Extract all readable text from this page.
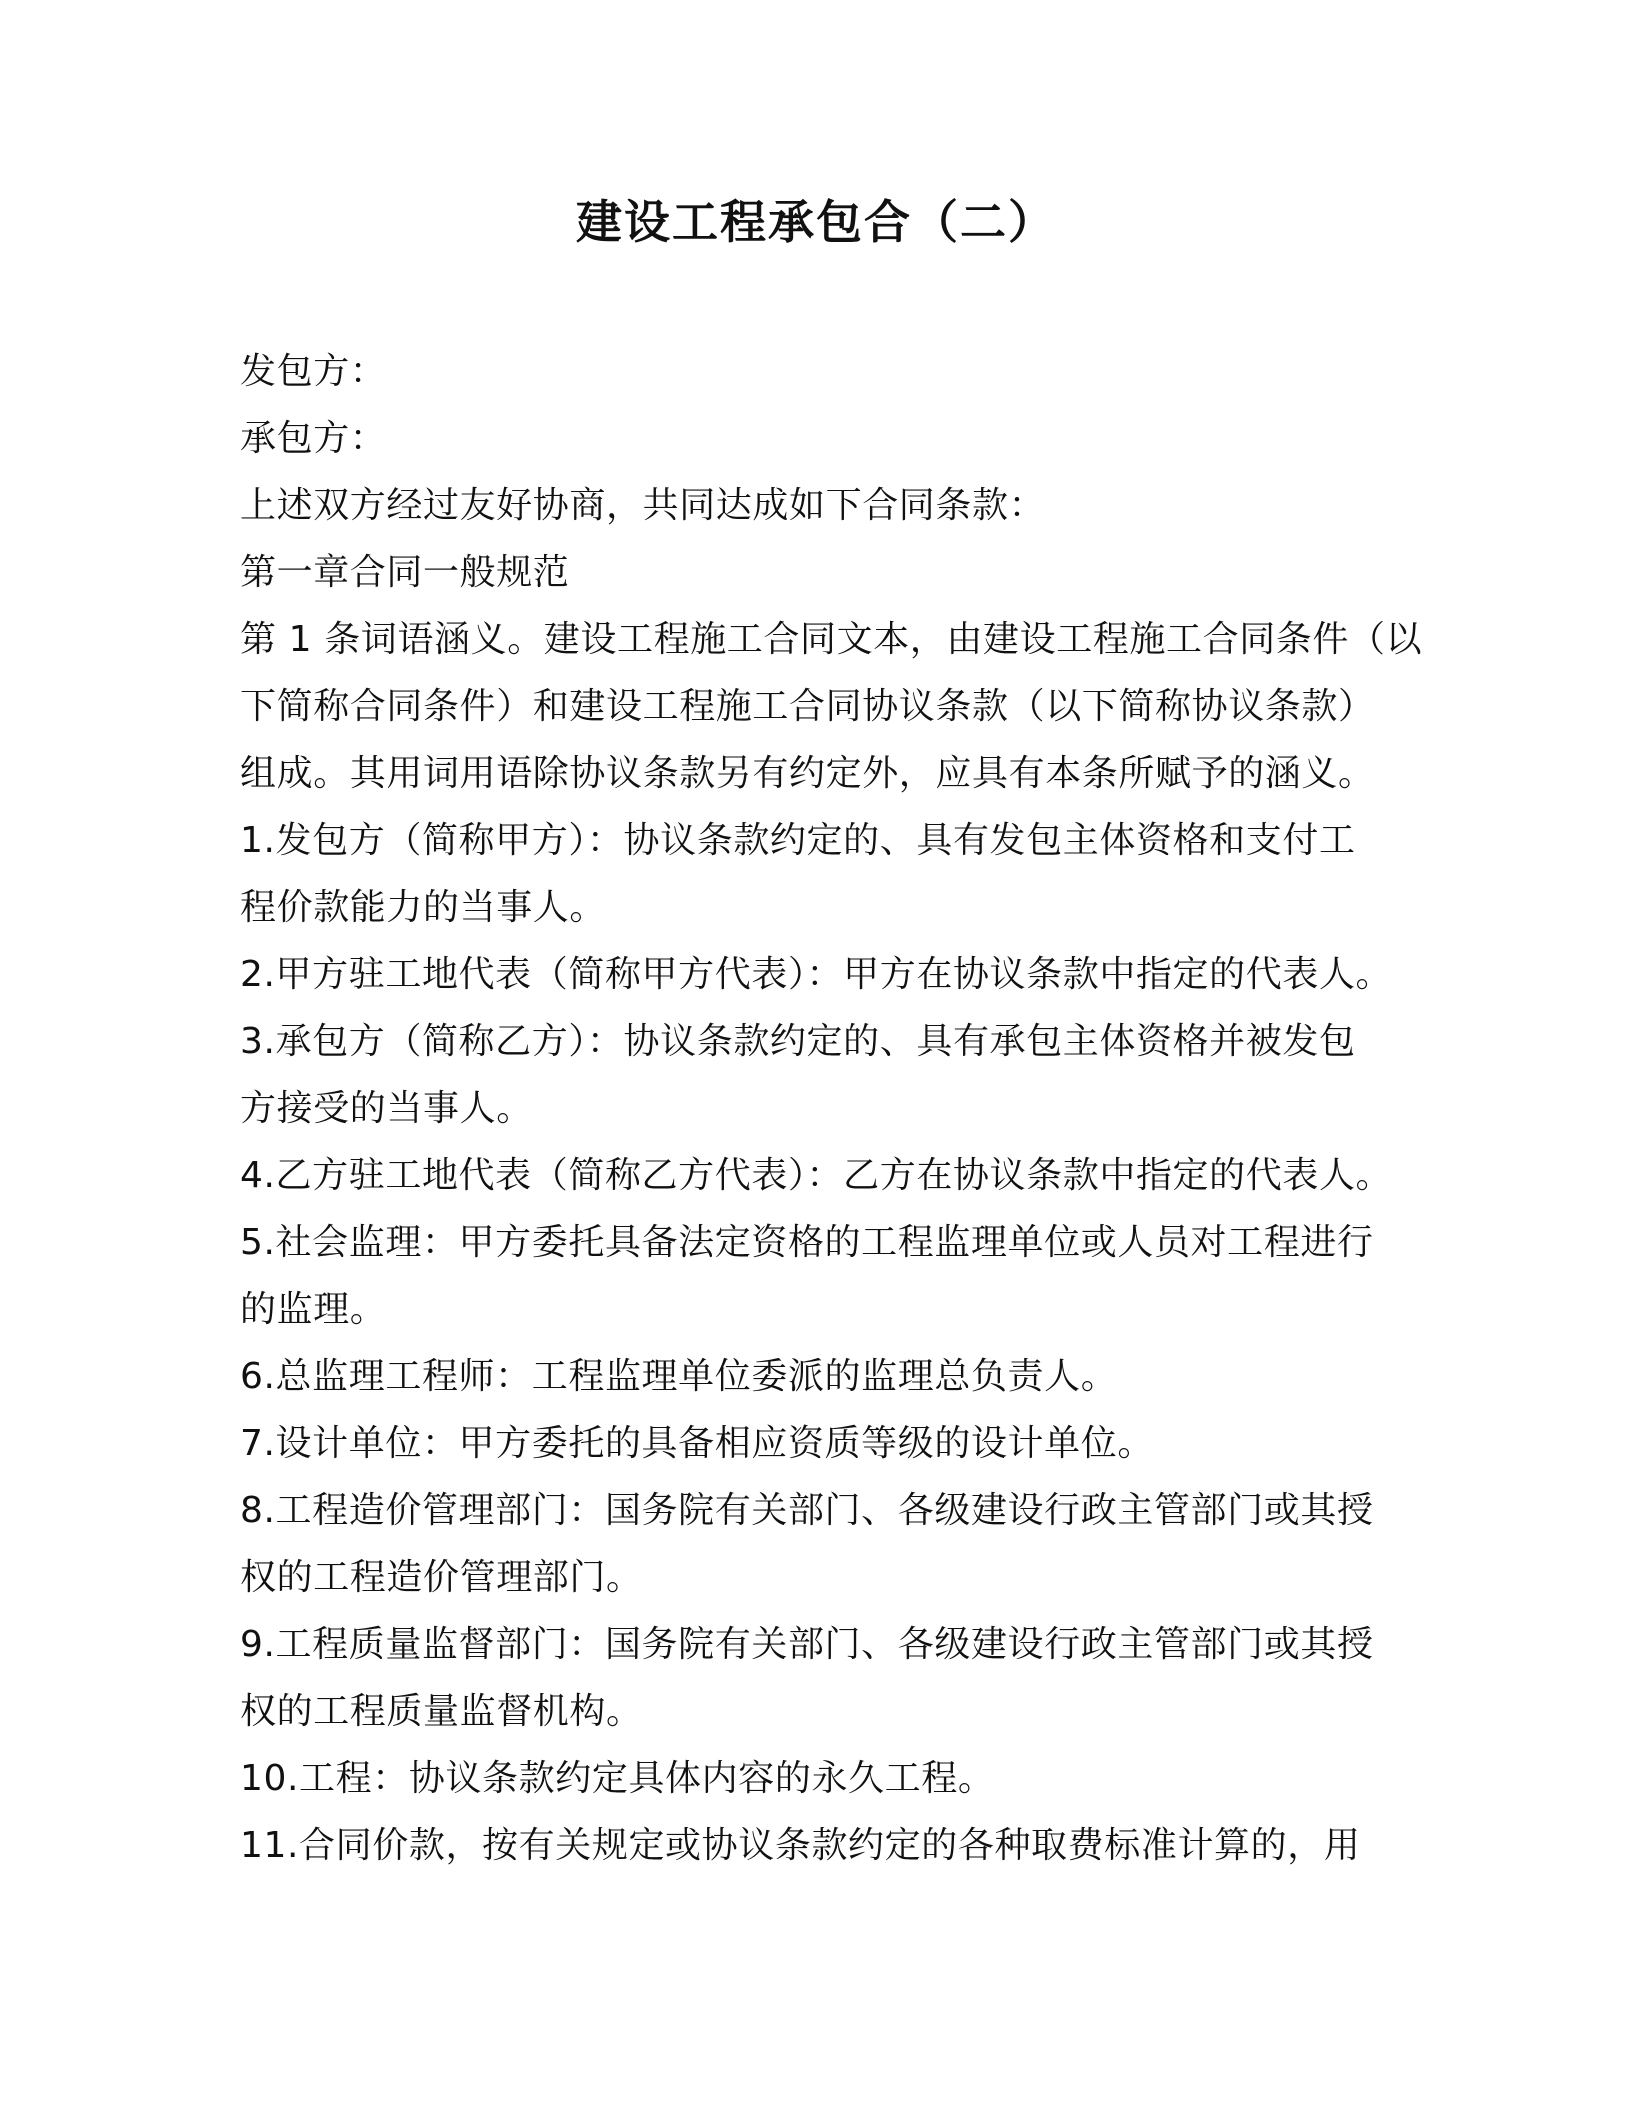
建设工程承包合（二）
发包方：
承包方：
上述双方经过友好协商，共同达成如下合同条款：
第一章合同一般规范
第 1 条词语涵义。建设工程施工合同文本，由建设工程施工合同条件（以
下简称合同条件）和建设工程施工合同协议条款（以下简称协议条款）
组成。其用词用语除协议条款另有约定外，应具有本条所赋予的涵义。
1.发包方（简称甲方）：协议条款约定的、具有发包主体资格和支付工
程价款能力的当事人。
2.甲方驻工地代表（简称甲方代表）：甲方在协议条款中指定的代表人。
3.承包方（简称乙方）：协议条款约定的、具有承包主体资格并被发包
方接受的当事人。
4.乙方驻工地代表（简称乙方代表）：乙方在协议条款中指定的代表人。
5.社会监理：甲方委托具备法定资格的工程监理单位或人员对工程进行
的监理。
6.总监理工程师：工程监理单位委派的监理总负责人。
7.设计单位：甲方委托的具备相应资质等级的设计单位。
8.工程造价管理部门：国务院有关部门、各级建设行政主管部门或其授
权的工程造价管理部门。
9.工程质量监督部门：国务院有关部门、各级建设行政主管部门或其授
权的工程质量监督机构。
10.工程：协议条款约定具体内容的永久工程。
11.合同价款，按有关规定或协议条款约定的各种取费标准计算的，用
